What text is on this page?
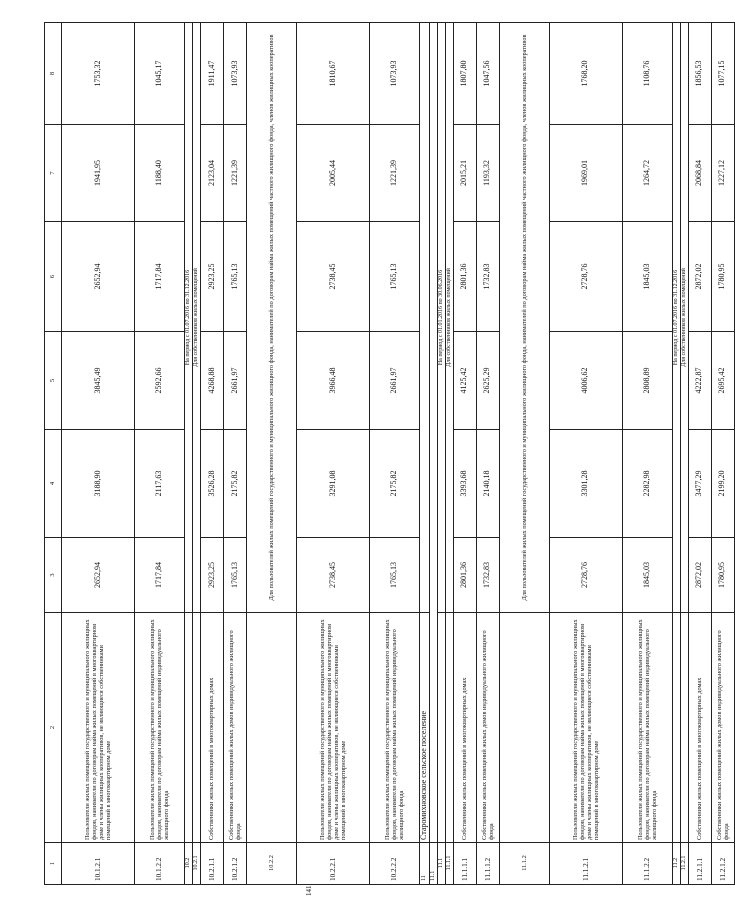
141
1	2	3	4	5	6	7	8
10.1.2.1	Пользователи жилых помещений государственного и муниципального жилищных фондов, наниматели по договорам найма жилых помещений в многоквартирном доме и члены жилищных кооперативов, не являющиеся собственниками помещений в многоквартирном доме	2652,94	3188,90	3845,49	2652,94	1941,95	1753,32
10.1.2.2	Пользователи жилых помещений государственного и муниципального жилищных фондов, наниматели по договорам найма жилых помещений индивидуального жилищного фонда	1717,84	2117,63	2592,66	1717,84	1188,40	1045,17
10.2		На период с 01.07.2016 по 31.12.2016					
10.2.1		Для собственников жилых помещений					
10.2.1.1	Собственники жилых помещений в многоквартирных домах	2923,25	3526,28	4268,88	2923,25	2123,04	1911,47
10.2.1.2	Собственники жилых помещений жилых домов индивидуального жилищного фонда	1765,13	2175,82	2661,97	1765,13	1221,39	1073,93
10.2.2		Для пользователей жилых помещений государственного и муниципального жилищного фонда, нанимателей по договорам найма жилых помещений частного жилищного фонда, членов жилищных кооперативов					
10.2.2.1	Пользователи жилых помещений государственного и муниципального жилищных фондов, наниматели по договорам найма жилых помещений в многоквартирном доме и члены жилищных кооперативов, не являющиеся собственниками помещений в многоквартирном доме	2738,45	3291,08	3966,48	2738,45	2005,44	1810,67
10.2.2.2	Пользователи жилых помещений государственного и муниципального жилищных фондов, наниматели по договорам найма жилых помещений индивидуального жилищного фонда	1765,13	2175,82	2661,97	1765,13	1221,39	1073,93
11	Старомихновское сельское поселение						
11.1							
11.1		На период с 01.01.2016 по 30.06.2016					
11.1.1		Для собственников жилых помещений					
11.1.1.1	Собственники жилых помещений в многоквартирных домах	2801,36	3393,68	4125,42	2801,36	2015,21	1807,80
11.1.1.2	Собственники жилых помещений жилых домов индивидуального жилищного фонда	1732,83	2140,18	2625,29	1732,83	1193,32	1047,56
11.1.2		Для пользователей жилых помещений государственного и муниципального жилищного фонда, нанимателей по договорам найма жилых помещений частного жилищного фонда, членов жилищных кооперативов					
11.1.2.1	Пользователи жилых помещений государственного и муниципального жилищных фондов, наниматели по договорам найма жилых помещений в многоквартирном доме и члены жилищных кооперативов, не являющиеся собственниками помещений в многоквартирном доме	2728,76	3301,28	4006,62	2728,76	1969,01	1768,20
11.1.2.2	Пользователи жилых помещений государственного и муниципального жилищных фондов, наниматели по договорам найма жилых помещений индивидуального жилищного фонда	1845,03	2282,98	2808,89	1845,03	1264,72	1108,76
11.2		На период с 01.07.2016 по 31.12.2016					
11.2.1		Для собственников жилых помещений					
11.2.1.1	Собственники жилых помещений в многоквартирных домах	2872,02	3477,29	4222,87	2872,02	2068,84	1856,53
11.2.1.2	Собственники жилых помещений жилых домов индивидуального жилищного фонда	1780,95	2199,20	2695,42	1780,95	1227,12	1077,15
